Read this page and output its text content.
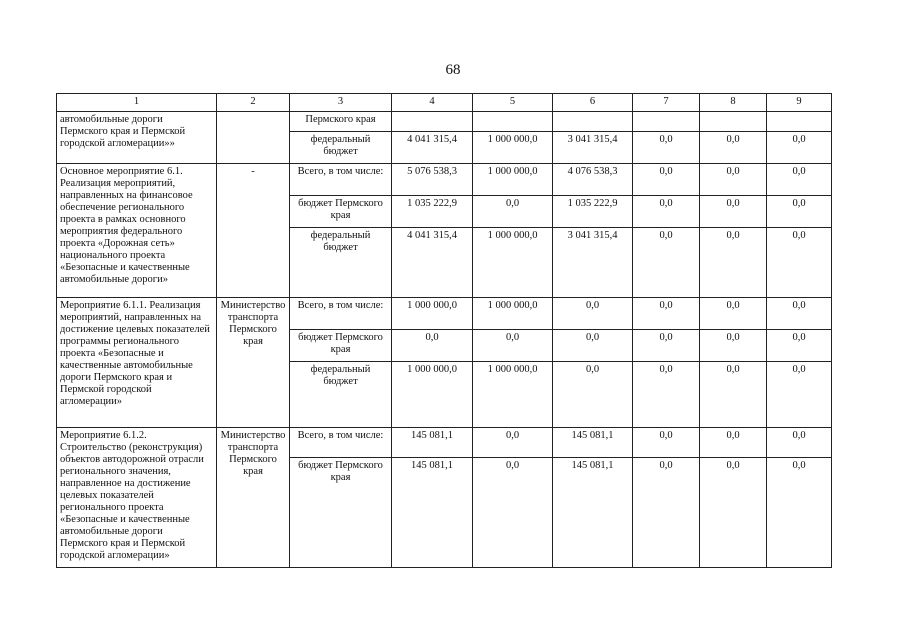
68
1	2	3	4	5	6	7	8	9
автомобильные дороги Пермского края и Пермской городской агломерации»»		Пермского края						
		федеральный бюджет	4 041 315,4	1 000 000,0	3 041 315,4	0,0	0,0	0,0
Основное мероприятие 6.1. Реализация мероприятий, направленных на финансовое обеспечение регионального проекта в рамках основного мероприятия федерального проекта «Дорожная сеть» национального проекта «Безопасные и качественные автомобильные дороги»	-	Всего, в том числе:	5 076 538,3	1 000 000,0	4 076 538,3	0,0	0,0	0,0
		бюджет Пермского края	1 035 222,9	0,0	1 035 222,9	0,0	0,0	0,0
		федеральный бюджет	4 041 315,4	1 000 000,0	3 041 315,4	0,0	0,0	0,0
Мероприятие 6.1.1. Реализация мероприятий, направленных на достижение целевых показателей программы регионального проекта «Безопасные и качественные автомобильные дороги Пермского края и Пермской городской агломерации»	Министерство транспорта Пермского края	Всего, в том числе:	1 000 000,0	1 000 000,0	0,0	0,0	0,0	0,0
		бюджет Пермского края	0,0	0,0	0,0	0,0	0,0	0,0
		федеральный бюджет	1 000 000,0	1 000 000,0	0,0	0,0	0,0	0,0
Мероприятие 6.1.2. Строительство (реконструкция) объектов автодорожной отрасли регионального значения, направленное на достижение целевых показателей регионального проекта «Безопасные и качественные автомобильные дороги Пермского края и Пермской городской агломерации»	Министерство транспорта Пермского края	Всего, в том числе:	145 081,1	0,0	145 081,1	0,0	0,0	0,0
		бюджет Пермского края	145 081,1	0,0	145 081,1	0,0	0,0	0,0
